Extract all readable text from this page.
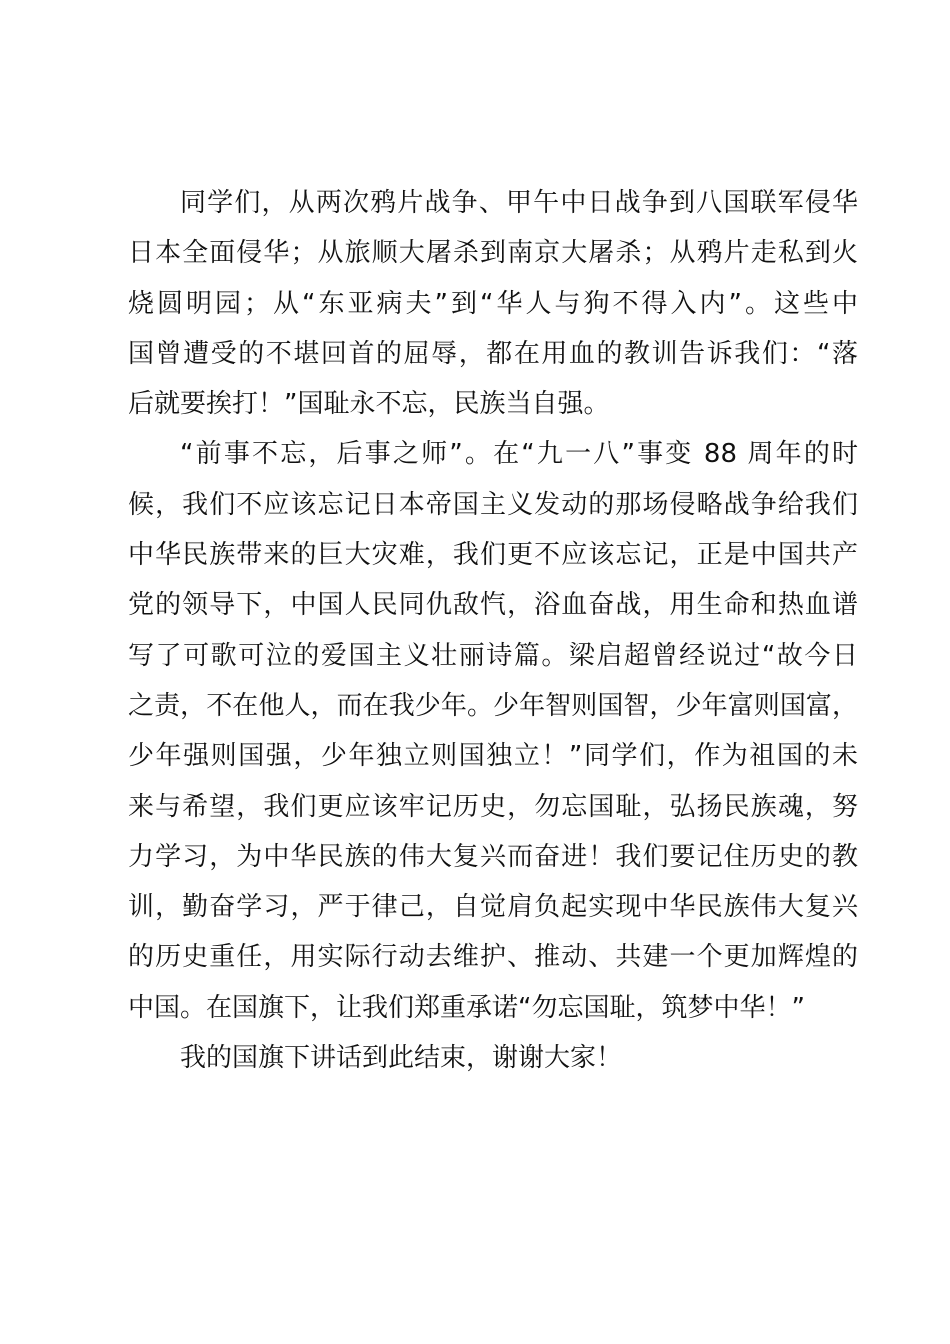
同学们，从两次鸦片战争、甲午中日战争到八国联军侵华
日本全面侵华；从旅顺大屠杀到南京大屠杀；从鸦片走私到火
烧圆明园；从“东亚病夫”到“华人与狗不得入内”。这些中
国曾遭受的不堪回首的屈辱，都在用血的教训告诉我们：“落
后就要挨打！”国耻永不忘，民族当自强。

“前事不忘，后事之师”。在“九一八”事变 88 周年的时
候，我们不应该忘记日本帝国主义发动的那场侵略战争给我们
中华民族带来的巨大灾难，我们更不应该忘记，正是中国共产
党的领导下，中国人民同仇敌忾，浴血奋战，用生命和热血谱
写了可歌可泣的爱国主义壮丽诗篇。梁启超曾经说过“故今日
之责，不在他人，而在我少年。少年智则国智，少年富则国富，
少年强则国强，少年独立则国独立！”同学们，作为祖国的未
来与希望，我们更应该牢记历史，勿忘国耻，弘扬民族魂，努
力学习，为中华民族的伟大复兴而奋进！我们要记住历史的教
训，勤奋学习，严于律己，自觉肩负起实现中华民族伟大复兴
的历史重任，用实际行动去维护、推动、共建一个更加辉煌的
中国。在国旗下，让我们郑重承诺“勿忘国耻，筑梦中华！”

我的国旗下讲话到此结束，谢谢大家！
